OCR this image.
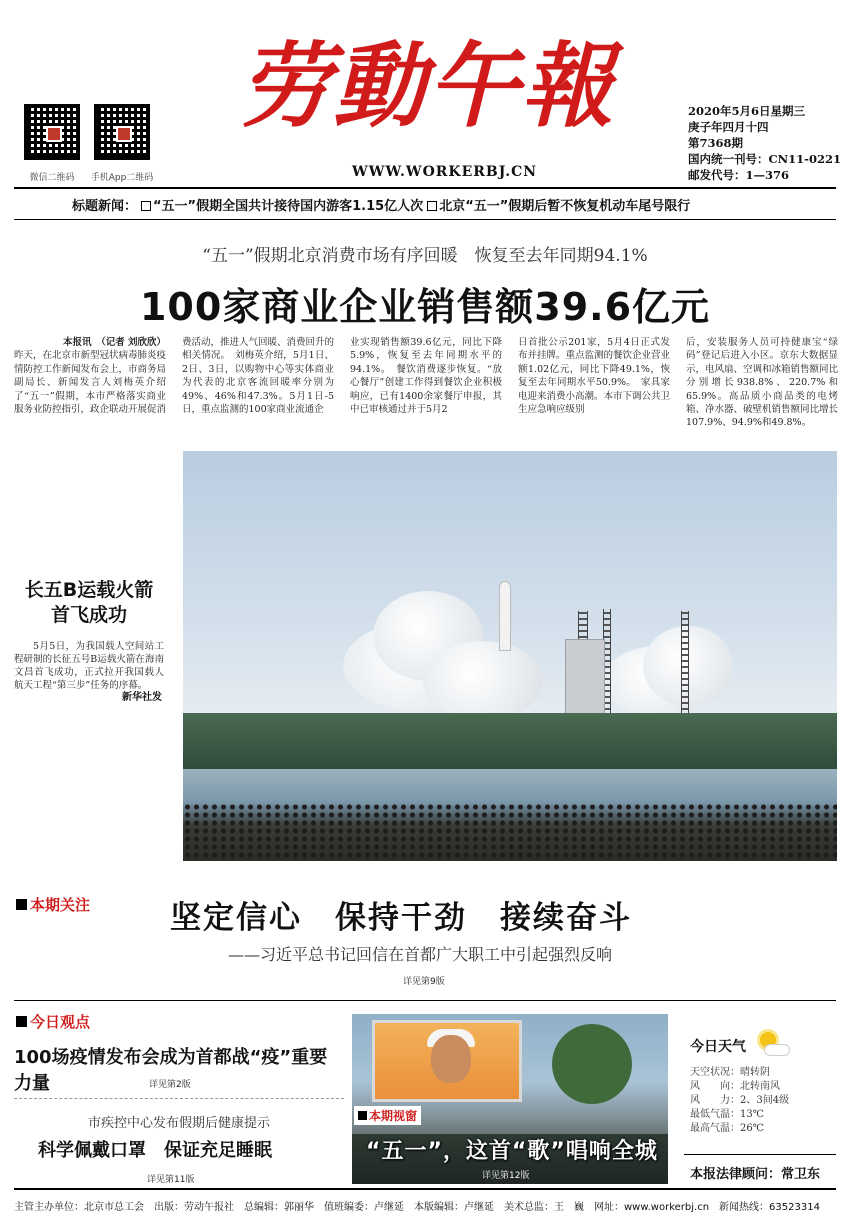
微信二维码	手机App二维码
劳動午報
WWW.WORKERBJ.CN
2020年5月6日星期三
庚子年四月十四
第7368期
国内统一刊号：CN11-0221
邮发代号：1—376
标题新闻： “五一”假期全国共计接待国内游客1.15亿人次 北京“五一”假期后暂不恢复机动车尾号限行
“五一”假期北京消费市场有序回暖　恢复至去年同期94.1%
100家商业企业销售额39.6亿元
本报讯　（记者 刘欣欣）
昨天，在北京市新型冠状病毒肺炎疫情防控工作新闻发布会上，市商务局副局长、新闻发言人刘梅英介绍了“五一”假期，本市严格落实商业服务业防控指引，政企联动开展促消
费活动，推进人气回暖、消费回升的相关情况。　刘梅英介绍，5月1日、2日、3日，以购物中心等实体商业为代表的北京客流回暖率分别为49%、46%和47.3%。5月1日-5日，重点监测的100家商业流通企
业实现销售额39.6亿元，同比下降5.9%，恢复至去年同期水平的94.1%。　餐饮消费逐步恢复。“放心餐厅”创建工作得到餐饮企业积极响应，已有1400余家餐厅申报，其中已审核通过并于5月2
日首批公示201家，5月4日正式发布并挂牌。重点监测的餐饮企业营业额1.02亿元，同比下降49.1%，恢复至去年同期水平50.9%。　家具家电迎来消费小高潮。本市下调公共卫生应急响应级别
后，安装服务人员可持健康宝“绿码”登记后进入小区。京东大数据显示，电风扇、空调和冰箱销售额同比分别增长938.8%、220.7%和65.9%。高品质小商品类的电烤箱、净水器、破壁机销售额同比增长107.9%、94.9%和49.8%。
长五B运载火箭
首飞成功
5月5日，为我国载人空间站工程研制的长征五号B运载火箭在海南文昌首飞成功，正式拉开我国载人航天工程“第三步”任务的序幕。
新华社发
本期关注	坚定信心　保持干劲　接续奋斗
——习近平总书记回信在首都广大职工中引起强烈反响
详见第9版
今日观点
100场疫情发布会成为首都战“疫”重要力量	详见第2版
市疾控中心发布假期后健康提示
科学佩戴口罩　保证充足睡眠
详见第11版
本期视窗
“五一”，这首“歌”唱响全城
详见第12版
今日天气
天空状况：晴转阴
风　　向：北转南风
风　　力：2、3间4级
最低气温：13℃
最高气温：26℃
本报法律顾问：常卫东
主管主办单位：北京市总工会　出版：劳动午报社　总编辑：郭丽华　值班编委：卢继延　本版编辑：卢继延　美术总监：王　巍　网址：www.workerbj.cn　新闻热线：63523314
